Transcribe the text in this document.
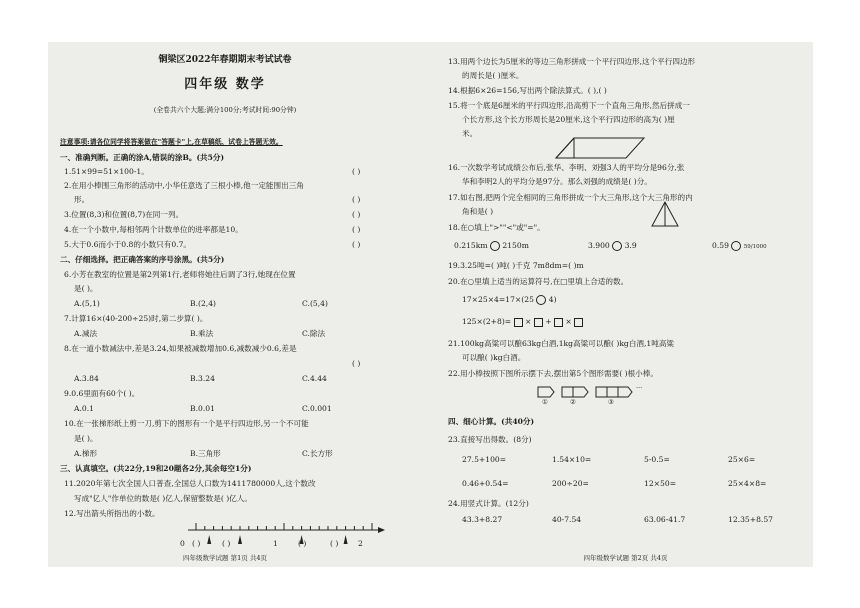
铜梁区2022年春期期末考试试卷
四年级 数学
(全卷共六个大题;满分100分;考试时间:90分钟)
注意事项:请各位同学将答案做在"答题卡"上,在草稿纸、试卷上答题无效。
一、准确判断。正确的涂A,错误的涂B。(共5分)
1.51×99=51×100-1。	( )
2.在用小棒围三角形的活动中,小华任意选了三根小棒,他一定能围出三角
形。	( )
3.位置(8,3)和位置(8,7)在同一列。	( )
4.在一个小数中,每相邻两个计数单位的进率都是10。	( )
5.大于0.6而小于0.8的小数只有0.7。	( )
二、仔细选择。把正确答案的序号涂黑。(共5分)
6.小芳在教室的位置是第2列第1行,老师将她往后调了3行,她现在位置
是( )。
A.(5,1)	B.(2,4)	C.(5,4)
7.计算16×(40-200÷25)时,第二步算( )。
A.减法	B.乘法	C.除法
8.在一道小数减法中,差是3.24,如果被减数增加0.6,减数减少0.6,差是
( )
A.3.84	B.3.24	C.4.44
9.0.6里面有60个( )。
A.0.1	B.0.01	C.0.001
10.在一张梯形纸上剪一刀,剪下的图形有一个是平行四边形,另一个不可能
是( )。
A.梯形	B.三角形	C.长方形
三、认真填空。(共22分,19和20题各2分,其余每空1分)
11.2020年第七次全国人口普查,全国总人口数为1411780000人,这个数改
写成"亿人"作单位的数是( )亿人,保留整数是( )亿人。
12.写出箭头所指出的小数。
0 ( )	( )	1	( )	( )	2
四年级数学试题 第1页 共4页
13.用两个边长为5厘米的等边三角形拼成一个平行四边形,这个平行四边形
的周长是( )厘米。
14.根据6×26=156,写出两个除法算式。( ),( )
15.将一个底是6厘米的平行四边形,沿高剪下一个直角三角形,然后拼成一
个长方形,这个长方形周长是20厘米,这个平行四边形的高为( )厘
米。
16.一次数学考试成绩公布后,张华、李明、刘强3人的平均分是96分,张
华和李明2人的平均分是97分。那么刘强的成绩是( )分。
17.如右图,把两个完全相同的三角形拼成一个大三角形,这个大三角形的内
角和是( )
18.在○填上">""<"或"="。
0.215km 2150m	3.900 3.9	0.59	59/1000
19.3.25吨=( )吨( )千克 7m8dm=( )m
20.在○里填上适当的运算符号,在□里填上合适的数。
17×25×4=17×(25 4)
125×(2+8)=  ×  +  ×
21.100kg高粱可以酿63kg白酒,1kg高粱可以酿( )kg白酒,1吨高粱
可以酿( )kg白酒。
22.用小棒按照下图所示摆下去,摆出第5个图形需要( )根小棒。
①	②	③
···
四、细心计算。(共40分)
23.直接写出得数。(8分)
27.5+100=	1.54×10=	5-0.5=	25×6=
0.46+0.54=	200÷20=	12×50=	25×4×8=
24.用竖式计算。(12分)
43.3+8.27	40-7.54	63.06-41.7	12.35+8.57
四年级数学试题 第2页 共4页
